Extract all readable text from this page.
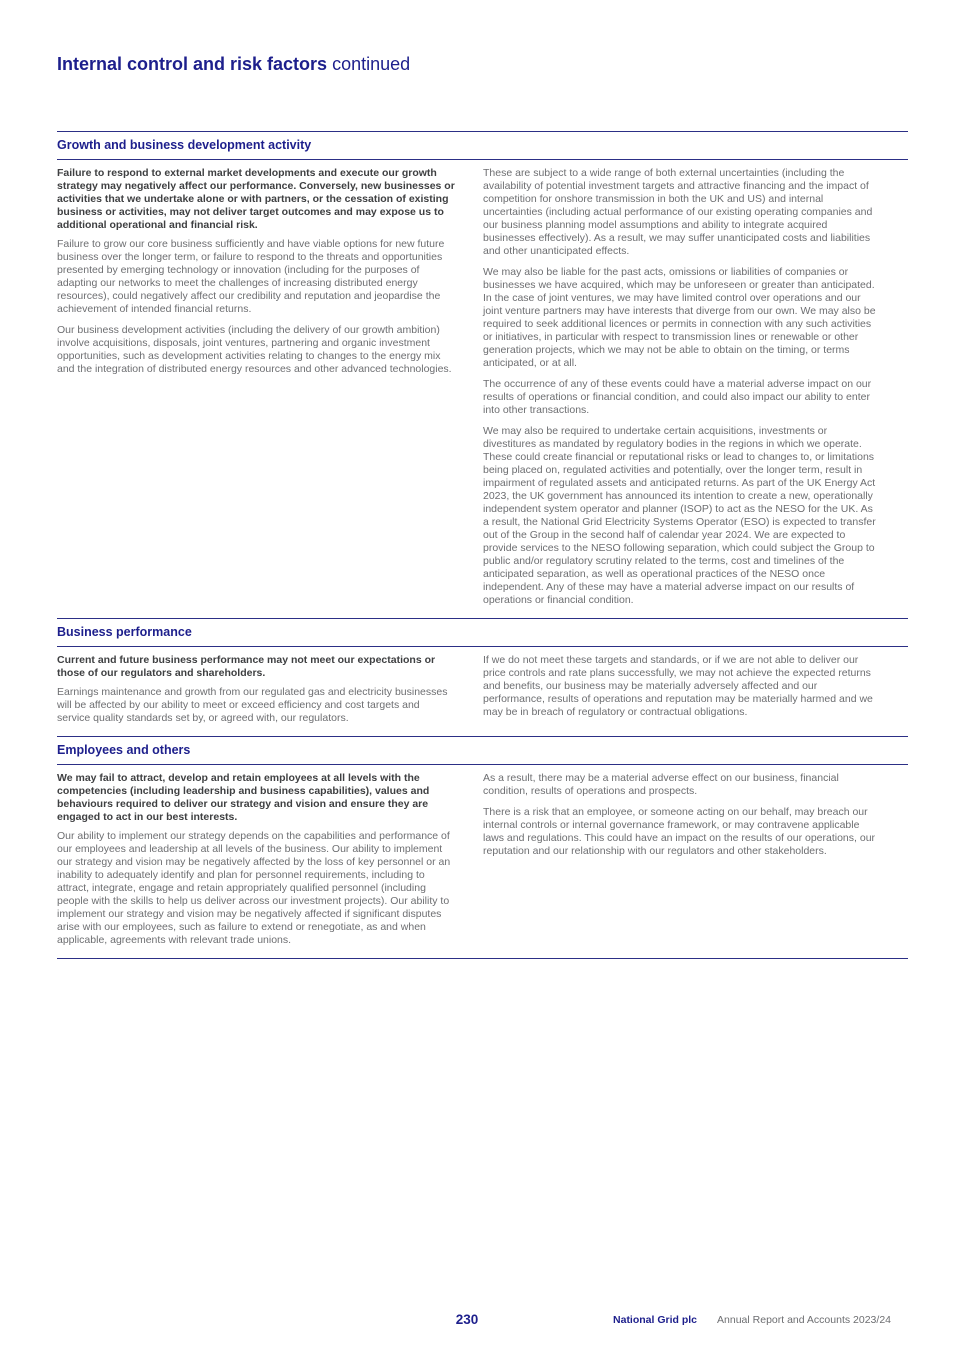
Internal control and risk factors continued
Growth and business development activity

Failure to respond to external market developments and execute our growth strategy may negatively affect our performance. Conversely, new businesses or activities that we undertake alone or with partners, or the cessation of existing business or activities, may not deliver target outcomes and may expose us to additional operational and financial risk.

Failure to grow our core business sufficiently and have viable options for new future business over the longer term, or failure to respond to the threats and opportunities presented by emerging technology or innovation (including for the purposes of adapting our networks to meet the challenges of increasing distributed energy resources), could negatively affect our credibility and reputation and jeopardise the achievement of intended financial returns.

Our business development activities (including the delivery of our growth ambition) involve acquisitions, disposals, joint ventures, partnering and organic investment opportunities, such as development activities relating to changes to the energy mix and the integration of distributed energy resources and other advanced technologies.

These are subject to a wide range of both external uncertainties (including the availability of potential investment targets and attractive financing and the impact of competition for onshore transmission in both the UK and US) and internal uncertainties (including actual performance of our existing operating companies and our business planning model assumptions and ability to integrate acquired businesses effectively). As a result, we may suffer unanticipated costs and liabilities and other unanticipated effects.

We may also be liable for the past acts, omissions or liabilities of companies or businesses we have acquired, which may be unforeseen or greater than anticipated. In the case of joint ventures, we may have limited control over operations and our joint venture partners may have interests that diverge from our own. We may also be required to seek additional licences or permits in connection with any such activities or initiatives, in particular with respect to transmission lines or renewable or other generation projects, which we may not be able to obtain on the timing, or terms anticipated, or at all.

The occurrence of any of these events could have a material adverse impact on our results of operations or financial condition, and could also impact our ability to enter into other transactions.

We may also be required to undertake certain acquisitions, investments or divestitures as mandated by regulatory bodies in the regions in which we operate. These could create financial or reputational risks or lead to changes to, or limitations being placed on, regulated activities and potentially, over the longer term, result in impairment of regulated assets and anticipated returns. As part of the UK Energy Act 2023, the UK government has announced its intention to create a new, operationally independent system operator and planner (ISOP) to act as the NESO for the UK. As a result, the National Grid Electricity Systems Operator (ESO) is expected to transfer out of the Group in the second half of calendar year 2024. We are expected to provide services to the NESO following separation, which could subject the Group to public and/or regulatory scrutiny related to the terms, cost and timelines of the anticipated separation, as well as operational practices of the NESO once independent. Any of these may have a material adverse impact on our results of operations or financial condition.

Business performance

Current and future business performance may not meet our expectations or those of our regulators and shareholders.

Earnings maintenance and growth from our regulated gas and electricity businesses will be affected by our ability to meet or exceed efficiency and cost targets and service quality standards set by, or agreed with, our regulators.

If we do not meet these targets and standards, or if we are not able to deliver our price controls and rate plans successfully, we may not achieve the expected returns and benefits, our business may be materially adversely affected and our performance, results of operations and reputation may be materially harmed and we may be in breach of regulatory or contractual obligations.

Employees and others

We may fail to attract, develop and retain employees at all levels with the competencies (including leadership and business capabilities), values and behaviours required to deliver our strategy and vision and ensure they are engaged to act in our best interests.

Our ability to implement our strategy depends on the capabilities and performance of our employees and leadership at all levels of the business. Our ability to implement our strategy and vision may be negatively affected by the loss of key personnel or an inability to adequately identify and plan for personnel requirements, including to attract, integrate, engage and retain appropriately qualified personnel (including people with the skills to help us deliver across our investment projects). Our ability to implement our strategy and vision may be negatively affected if significant disputes arise with our employees, such as failure to extend or renegotiate, as and when applicable, agreements with relevant trade unions.

As a result, there may be a material adverse effect on our business, financial condition, results of operations and prospects.

There is a risk that an employee, or someone acting on our behalf, may breach our internal controls or internal governance framework, or may contravene applicable laws and regulations. This could have an impact on the results of our operations, our reputation and our relationship with our regulators and other stakeholders.

230	National Grid plc Annual Report and Accounts 2023/24
